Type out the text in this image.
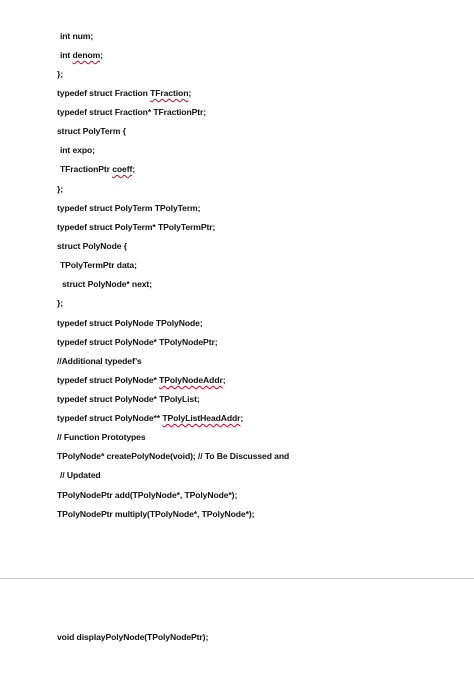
int num;
int denom;
};
typedef struct Fraction TFraction;
typedef struct Fraction* TFractionPtr;
struct PolyTerm {
int expo;
TFractionPtr coeff;
};
typedef struct PolyTerm TPolyTerm;
typedef struct PolyTerm* TPolyTermPtr;
struct PolyNode {
TPolyTermPtr data;
struct PolyNode* next;
};
typedef struct PolyNode TPolyNode;
typedef struct PolyNode* TPolyNodePtr;
//Additional typedef’s
typedef struct PolyNode* TPolyNodeAddr;
typedef struct PolyNode* TPolyList;
typedef struct PolyNode** TPolyListHeadAddr;
// Function Prototypes
TPolyNode* createPolyNode(void); // To Be Discussed and
// Updated
TPolyNodePtr add(TPolyNode*, TPolyNode*);
TPolyNodePtr multiply(TPolyNode*, TPolyNode*);
void displayPolyNode(TPolyNodePtr);
